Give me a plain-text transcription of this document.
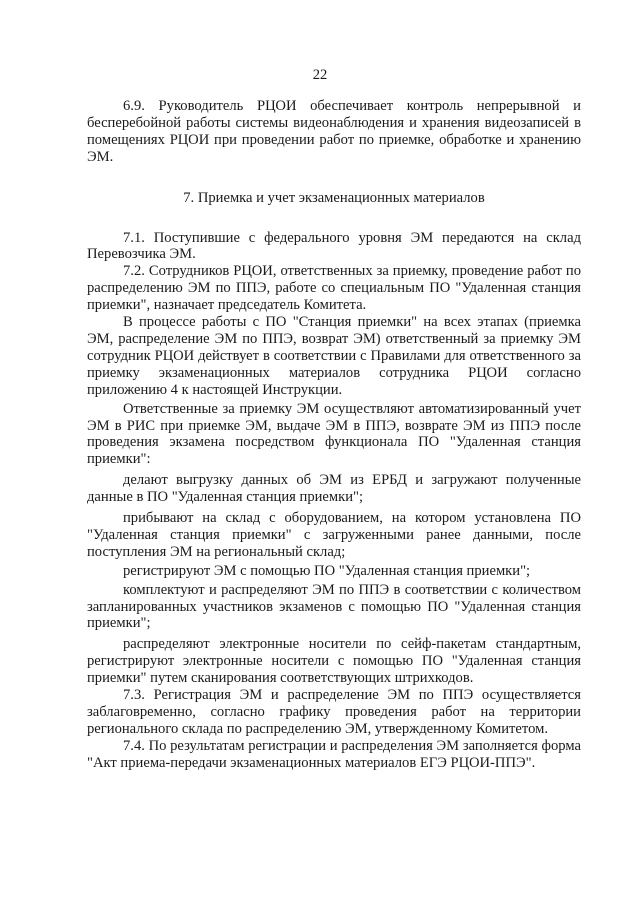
22

6.9. Руководитель РЦОИ обеспечивает контроль непрерывной и бесперебойной работы системы видеонаблюдения и хранения видеозаписей в помещениях РЦОИ при проведении работ по приемке, обработке и хранению ЭМ.

7. Приемка и учет экзаменационных материалов

7.1. Поступившие с федерального уровня ЭМ передаются на склад Перевозчика ЭМ.

7.2. Сотрудников РЦОИ, ответственных за приемку, проведение работ по распределению ЭМ по ППЭ, работе со специальным ПО "Удаленная станция приемки", назначает председатель Комитета.

В процессе работы с ПО "Станция приемки" на всех этапах (приемка ЭМ, распределение ЭМ по ППЭ, возврат ЭМ) ответственный за приемку ЭМ сотрудник РЦОИ действует в соответствии с Правилами для ответственного за приемку экзаменационных материалов сотрудника РЦОИ согласно приложению 4 к настоящей Инструкции.

Ответственные за приемку ЭМ осуществляют автоматизированный учет ЭМ в РИС при приемке ЭМ, выдаче ЭМ в ППЭ, возврате ЭМ из ППЭ после проведения экзамена посредством функционала ПО "Удаленная станция приемки":

делают выгрузку данных об ЭМ из ЕРБД и загружают полученные данные в ПО "Удаленная станция приемки";

прибывают на склад с оборудованием, на котором установлена ПО "Удаленная станция приемки" с загруженными ранее данными, после поступления ЭМ на региональный склад;

регистрируют ЭМ с помощью ПО "Удаленная станция приемки";

комплектуют и распределяют ЭМ по ППЭ в соответствии с количеством запланированных участников экзаменов с помощью ПО "Удаленная станция приемки";

распределяют электронные носители по сейф-пакетам стандартным, регистрируют электронные носители с помощью ПО "Удаленная станция приемки" путем сканирования соответствующих штрихкодов.

7.3. Регистрация ЭМ и распределение ЭМ по ППЭ осуществляется заблаговременно, согласно графику проведения работ на территории регионального склада по распределению ЭМ, утвержденному Комитетом.

7.4. По результатам регистрации и распределения ЭМ заполняется форма "Акт приема-передачи экзаменационных материалов ЕГЭ РЦОИ-ППЭ".
